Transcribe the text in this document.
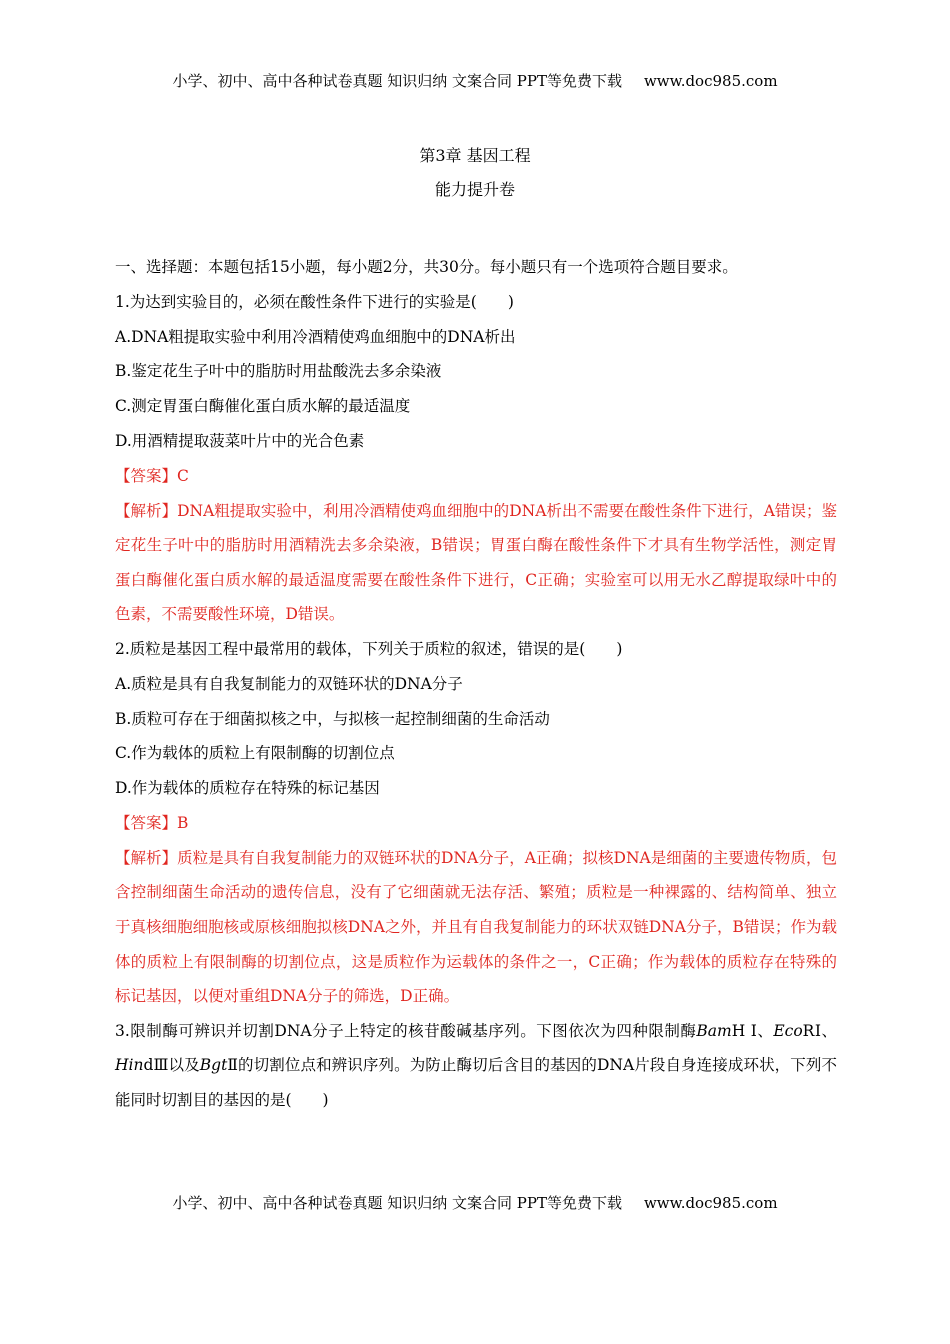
小学、初中、高中各种试卷真题 知识归纳 文案合同 PPT等免费下载 www.doc985.com
第3章 基因工程
能力提升卷
一、选择题：本题包括15小题，每小题2分，共30分。每小题只有一个选项符合题目要求。
1.为达到实验目的，必须在酸性条件下进行的实验是(　　)
A.DNA粗提取实验中利用冷酒精使鸡血细胞中的DNA析出
B.鉴定花生子叶中的脂肪时用盐酸洗去多余染液
C.测定胃蛋白酶催化蛋白质水解的最适温度
D.用酒精提取菠菜叶片中的光合色素
【答案】C
【解析】DNA粗提取实验中，利用冷酒精使鸡血细胞中的DNA析出不需要在酸性条件下进行，A错误；鉴定花生子叶中的脂肪时用酒精洗去多余染液，B错误；胃蛋白酶在酸性条件下才具有生物学活性，测定胃蛋白酶催化蛋白质水解的最适温度需要在酸性条件下进行，C正确；实验室可以用无水乙醇提取绿叶中的色素，不需要酸性环境，D错误。
2.质粒是基因工程中最常用的载体，下列关于质粒的叙述，错误的是(　　)
A.质粒是具有自我复制能力的双链环状的DNA分子
B.质粒可存在于细菌拟核之中，与拟核一起控制细菌的生命活动
C.作为载体的质粒上有限制酶的切割位点
D.作为载体的质粒存在特殊的标记基因
【答案】B
【解析】质粒是具有自我复制能力的双链环状的DNA分子，A正确；拟核DNA是细菌的主要遗传物质，包含控制细菌生命活动的遗传信息，没有了它细菌就无法存活、繁殖；质粒是一种裸露的、结构简单、独立于真核细胞细胞核或原核细胞拟核DNA之外，并且有自我复制能力的环状双链DNA分子，B错误；作为载体的质粒上有限制酶的切割位点，这是质粒作为运载体的条件之一，C正确；作为载体的质粒存在特殊的标记基因，以便对重组DNA分子的筛选，D正确。
3.限制酶可辨识并切割DNA分子上特定的核苷酸碱基序列。下图依次为四种限制酶BamH Ⅰ、EcoRⅠ、HindⅢ以及BgtⅡ的切割位点和辨识序列。为防止酶切后含目的基因的DNA片段自身连接成环状，下列不能同时切割目的基因的是(　　)
小学、初中、高中各种试卷真题 知识归纳 文案合同 PPT等免费下载 www.doc985.com
